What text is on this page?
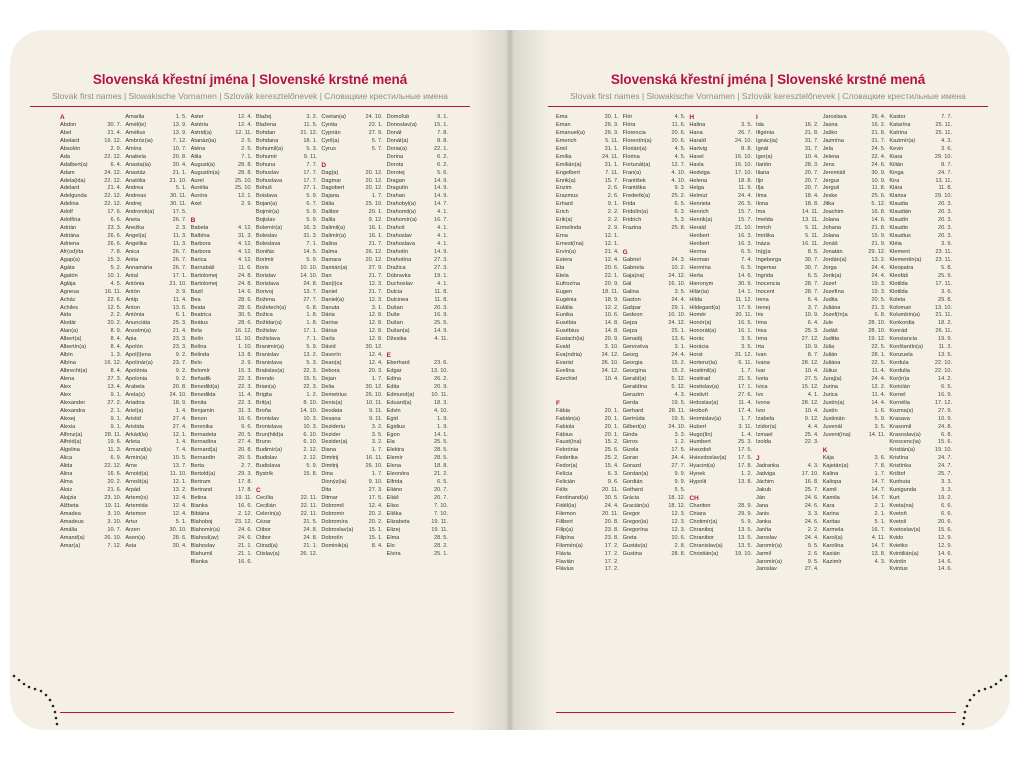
Slovenská křestní jména | Slovenské krstné mená
Slovak first names | Slowakische Vornamen | Szlovák keresztelőnevek | Словацкие крестильные имена
A
Abdon	30. 7.
Abel	21. 4.
Abelard	19. 12.
Absolón	2. 9.
Ada	22. 12.
Adalbert(a)	6. 4.
Adam	24. 12.
Adela(ida)	22. 12.
Adelard	21. 4.
Adelgunda	22. 12.
Adelina	22. 12.
Adolf	17. 6.
Adolfína	6. 6.
Adrián	23. 3.
Adriána	26. 6.
Adriena	26. 6.
Afr(od)íta	7. 8.
Agap(a)	15. 3.
Agáta	5. 2.
Agatón	10. 1.
Aglája	4. 5.
Agnesa	16. 11.
Achác	22. 6.
Achiles	12. 5.
Aida	2. 2.
Alodár	20. 2.
Alan(a)	8. 9.
Albert(a)	8. 4.
Albertín(a)	8. 4.
Albín	1. 3.
Albína	16. 12.
Albrecht(a)	8. 4.
Alena	27. 3.
Alex	13. 4.
Alex	9. 1.
Alexander	27. 2.
Alexandra	2. 1.
Alexej	9. 1.
Alexia	9. 1.
Alfonz(a)	28. 11.
Alfréd(a)	19. 6.
Algelina	11. 3.
Alica	6. 9.
Alida	22. 12.
Alina	16. 6.
Alma	20. 2.
Aloiz	21. 6.
Alojzia	23. 10.
Alžbeta	19. 11.
Amadea	3. 10.
Amadeus	3. 10.
Amália	10. 7.
Amand(a)	26. 10.
Amar(a)	7. 12.
Amarila	1. 5.
Amél(ie)	13. 9.
Amélius	13. 9.
Ambróz(ia)	7. 12.
Amína	10. 7.
Anabela	20. 8.
Anasta(ia)	30. 4.
Anastáz	21. 1.
Anatólia	21. 10.
Andrea	5. 1.
Andreas	30. 11.
Andrej	30. 11.
Andronik(a)	17. 5.
Aneta	26. 7.
Anežka	2. 3.
Angel(a)	11. 3.
Angelika	11. 3.
Anica	26. 7.
Anita	26. 7.
Annamária	26. 7.
Antal	17. 1.
Antónia	21. 10.
Antón	3. 9.
Antip	11. 4.
Anton	13. 6.
Antónia	6. 1.
Anunciáta	25. 3.
Anzelm(a)	21. 4.
Apia	23. 3.
Apolón	23. 3.
Apol(l)ena	9. 2.
Apolinár(a)	23. 7.
Apolónia	9. 2.
Apolonia	9. 2.
Arabela	20. 8.
Arela(s)	24. 10.
Ariadna	18. 9.
Ariel(a)	1. 4.
Aristid	27. 4.
Aristida	27. 4.
Arkád(ia)	12. 1.
Arleta	1. 4.
Armand(a)	7. 4.
Armín(a)	10. 5.
Arne	13. 7.
Arnold(a)	11. 10.
Arnošt(a)	12. 1.
Árpád	13. 2.
Artem(is)	12. 4.
Artemida	12. 4.
Artemon	12. 4.
Artur	5. 1.
Arzen	30. 10.
Asen(a)	28. 6.
Asia	30. 4.
Aster	12. 4.
Astéria	12. 4.
Astrid(a)	12. 11.
Atanáz(ia)	2. 5.
Aténa	2. 5.
Atila	7. 1.
August(a)	28. 8.
Augustín(a)	28. 8.
Aurel	25. 10.
Aurélia	25. 10.
Auróra	12. 1.
Axel	2. 9.
B
Babeta	4. 12.
Balbína	31. 3.
Barbora	4. 12.
Barbora	4. 12.
Barica	4. 12.
Barnabáš	11. 6.
Bartolomej	24. 8.
Bartolomej	24. 8.
Bazil	14. 6.
Bea	28. 6.
Beata	28. 6.
Beatrica	30. 5.
Beátus	28. 6.
Bela	16. 12.
Belín	11. 10.
Belína	1. 10.
Belinda	13. 8.
Belo	2. 9.
Belomír	15. 3.
Beňadik	22. 3.
Benedikt(a)	22. 3.
Benedikta	11. 4.
Benita	22. 3.
Benjamín	31. 3.
Benon	16. 6.
Berenika	9. 6.
Bernadeta	20. 5.
Bernadína	27. 4.
Bernard(a)	20. 8.
Bernardín	20. 5.
Berta	2. 7.
Bertold(a)	29. 3.
Bertram	17. 8.
Bertrand	17. 8.
Betina	19. 11.
Bianka	16. 6.
Bibiána	2. 12.
Blahoboj	23. 12.
Blahomír(a)	24. 6.
Blahosl(av)	24. 6.
Blahoslav	21. 1.
Blahumil	21. 1.
Blanka	16. 6.
Blažej	3. 2.
Blažena	11. 5.
Bohdan	21. 12.
Bohdana	18. 1.
Bohumil(a)	5. 3.
Bohumír	9. 11.
Bohuna	7. 7.
Bohuslav	17. 7.
Bohuslava	17. 7.
Bohuš	27. 1.
Boislava	5. 9.
Bojan(a)	6. 7.
Bojmír(a)	5. 9.
Bojislav	5. 9.
Bolemír(a)	16. 3.
Boleslav	31. 3.
Boleslava	7. 1.
Bonifác	14. 5.
Borimír	5. 9.
Boris	10. 10.
Borislav	14. 10.
Borislava	24. 8.
Borivoj	13. 7.
Božena	27. 7.
Božetech(a)	6. 8.
Božica	1. 8.
Božidar(a)	1. 8.
Božislav	17. 1.
Božislava	7. 1.
Branimír(a)	5. 9.
Branislav	13. 2.
Branislava	5. 3.
Bratislav(a)	22. 3.
Brendo	15. 5.
Brian(a)	22. 3.
Brigita	1. 2.
Brit(a)	8. 10.
Broňa	14. 10.
Bronislav	10. 3.
Bronislava	10. 3.
Brun(hild)a	6. 10.
Bruno	6. 10.
Budimír(a)	2. 12.
Budislav	2. 12.
Budislava	5. 9.
Bystrík	15. 8.
C
Cecília	22. 11.
Cecilián	22. 11.
Celerín(a)	22. 11.
Cézar	21. 5.
Ctibor	24. 8.
Ctibor	24. 8.
Ctirad(a)	21. 1.
Ctislav(a)	26. 12.
Cvetan(a)	24. 10.
Cyntia	22. 1.
Cyprián	27. 9.
Cyril(a)	5. 7.
Cyrus	5. 7.
D
Dag(a)	20. 12.
Dagmar	20. 12.
Dagobert	20. 12.
Dajana	1. 7.
Dália	25. 10.
Dalibor	20. 1.
Dalila	9. 12.
Dalimil(a)	16. 1.
Dalimír(a)	16. 1.
Dalina	21. 7.
Dalma	26. 12.
Damara	20. 12.
Damián(a)	27. 9.
Dan	21. 7.
Dan(i)ca	12. 3.
Daniel	21. 7.
Daniel(a)	12. 3.
Danuta	3. 1.
Dária	12. 8.
Darina	12. 8.
Dárius	12. 8.
Darla	12. 8.
Dávid	30. 12.
Davorín	12. 4.
Dean(a)	12. 4.
Debora	20. 3.
Dejan	1. 7.
Delia	30. 12.
Demetrius	26. 10.
Denis(a)	10. 11.
Deodata	9. 11.
Desana	9. 11.
Dezideriu	3. 2.
Dezider	3. 5.
Dezider(a)	3. 2.
Diana	1. 7.
Dimitrij	16. 11.
Dimitrij	26. 10.
Dina	1. 7.
Dionýz(ia)	9. 10.
Dita	27. 3.
Ditmar	17. 5.
Dobromil	12. 4.
Dobromir	20. 2.
Dobromíra	20. 2.
Dobroslav(a)	15. 1.
Dobrotín	15. 1.
Dominik(a)	8. 4.
Domoľub	9. 1.
Donoslav(a)	15. 1.
Donát	7. 8.
Donát(a)	8. 8.
Doria(a)	22. 1.
Dorina	6. 2.
Dorota	6. 2.
Dorotej	5. 6.
Dragan	14. 9.
Dragutín	14. 9.
Drahan	14. 9.
Drahobyl(a)	14. 7.
Drahomil(a)	4. 1.
Drahomír(a)	16. 7.
Drahoš	4. 1.
Drahoslav	4. 1.
Drahoslava	4. 1.
Drahotín	14. 9.
Drahotína	27. 3.
Dražica	27. 3.
Dúbravka	19. 1.
Duchoslav	4. 1.
Dulcia	11. 8.
Dulcinea	11. 8.
Dušan	20. 3.
Duše	16. 9.
Dušan	25. 5.
Dušan(a)	14. 9.
Džesika	4. 11.
E
Eberhard	23. 6.
Edgar	13. 10.
Edina	26. 2.
Edita	20. 9.
Edmund(a)	10. 11.
Eduard(a)	18. 3.
Edvin	4. 10.
Egid	1. 9.
Egidius	1. 9.
Egon	14. 1.
Ela	25. 5.
Elektra	28. 5.
Elemír	28. 5.
Elena	18. 8.
Eleonóra	21. 2.
Elfrida	6. 5.
Eliáno	20. 7.
Eliáš	20. 7.
Eliso	7. 10.
Eliška	7. 10.
Elizabeta	19. 11.
Elizej	19. 11.
Elma	28. 5.
Elo	28. 2.
Elvira	25. 1.
Slovenská křestní jména | Slovenské krstné mená
Slovak first names | Slowakische Vornamen | Szlovák keresztelőnevek | Словацкие крестильные имена
Ema	30. 1.
Eman	26. 3.
Emanuel(a)	26. 3.
Emerich	5. 11.
Emil	31. 1.
Emília	24. 11.
Emílián(a)	31. 1.
Engelbert	7. 11.
Enrik(a)	15. 7.
Enzim	2. 6.
Erazmus	2. 6.
Erhard	9. 1.
Erich	2. 2.
Erik(a)	2. 2.
Ermelinda	2. 9.
Erna	12. 1.
Ernest(ína)	12. 1.
Ervín(a)	21. 4.
Estera	12. 4.
Eta	20. 6.
Etela	22. 1.
Eufrozína	20. 9.
Eugen	18. 11.
Eugénia	18. 9.
Eulália	12. 2.
Eunika	10. 6.
Eusébia	14. 8.
Eusébius	14. 8.
Eustach(ia)	20. 9.
Evald	3. 10.
Eva(ndria)	24. 12.
Evarist	26. 10.
Evelína	24. 12.
Ezechiel	10. 4.
F
Fábia	20. 1.
Fabián(a)	20. 1.
Fabiola	20. 1.
Fábius	20. 1.
Faust(ína)	15. 2.
Febrónia	25. 6.
Federika	25. 2.
Fedor(a)	15. 4.
Felícia	6. 3.
Felicián	9. 6.
Félix	20. 11.
Ferdinand(a)	30. 5.
Fidél(ia)	24. 4.
Filemon	20. 11.
Filibert	20. 8.
Filip(a)	23. 8.
Filipína	23. 8.
Filomén(a)	17. 2.
Flávia	17. 2.
Flavián	17. 2.
Flávius	17. 2.
Flór	4. 5.
Flóra	11. 6.
Florencia	20. 6.
Florentín(a)	20. 6.
Florián(a)	4. 5.
Florina	4. 5.
Fortunát(a)	12. 7.
Fran(a)	4. 10.
František	4. 10.
Františka	9. 3.
Frederik(a)	25. 2.
Frida	6. 5.
Fridolín(a)	6. 3.
Fridrich	5. 3.
Frazina	25. 8.
G
Gabriel	24. 3.
Gabriela	10. 2.
Gaja(na)	24. 12.
Gál	16. 10.
Galina	3. 5.
Gaston	24. 4.
Gašpar	29. 1.
Gedeon	10. 10.
Gejza	24. 12.
Gejza	25. 1.
Genadij	13. 6.
Genovéva	3. 1.
Georg	24. 4.
Georgia	15. 2.
Georgína	15. 2.
Gerald(a)	5. 12.
Geraldína	5. 12.
Gerazim	4. 3.
Gerda	19. 5.
Gerhard	28. 11.
Gertrúda	19. 5.
Gilbert(a)	24. 10.
Ginda	3. 3.
Girros	1. 2.
Gizela	17. 5.
Goran	24. 4.
Gorazd	27. 7.
Gordan(a)	9. 9.
Gordián	9. 9.
Gothard	5. 5.
Grácia	18. 12.
Gracián(a)	18. 12.
Gregor	12. 3.
Gregor(ia)	12. 3.
Gregorína	12. 3.
Greta	10. 6.
Gustáv(a)	2. 8.
Gustina	28. 8.
H
Halina	3. 5.
Hana	26. 7.
Harald	24. 10.
Hartvig	8. 8.
Havel	16. 10.
Havla	16. 10.
Hedviga	17. 10.
Helena	18. 8.
Helga	11. 9.
Helmut	24. 4.
Henrieta	26. 5.
Henrich	15. 7.
Henrik(a)	15. 7.
Herald	21. 10.
Heribert	16. 3.
Heribert	16. 3.
Herma	6. 5.
Herman	7. 4.
Hermína	6. 5.
Herta	14. 6.
Hieronym	30. 9.
Hilár(ia)	14. 1.
Hilda	11. 12.
Hildegard(a)	17. 9.
Homér	20. 11.
Honór(a)	16. 5.
Honorát(a)	16. 1.
Horác	3. 5.
Horácia	3. 5.
Horst	31. 12.
Hortenz(ia)	6. 11.
Hostimil(a)	1. 7.
Hostirad	21. 5.
Hostislav(a)	17. 1.
Hostivít	27. 6.
Hrdoslav(a)	11. 4.
Hroboň	17. 4.
Hromislav(a)	1. 7.
Hubert	3. 11.
Hugo(lín)	1. 4.
Humbert	25. 3.
Hvezdoň	17. 5.
Hviezdoslav(a)	17. 5.
Hyacint(a)	17. 8.
Hynek	1. 2.
Hypolit	13. 8.
CH
Chariton	28. 9.
Chiara	29. 9.
Chotimír(a)	5. 9.
Chraniboj	13. 5.
Chranibor	13. 5.
Chranislav(a)	13. 5.
Christián(a)	19. 10.
I
Ida	16. 2.
Ifigénia	21. 8.
Ignác(ia)	31. 7.
Ignát	31. 7.
Igor(a)	10. 4.
Ilarión	28. 3.
Iliana	20. 7.
Iljo	20. 7.
Iľja	20. 7.
Ilma	18. 4.
Ilona	18. 8.
Ima	14. 11.
Imelda	13. 11.
Imrich	5. 11.
Imriška	5. 11.
Ináza	16. 11.
In(g)a	8. 5.
Ingeborga	30. 7.
Ingemar	30. 7.
Ingrida	6. 5.
Inocencia	28. 7.
Inocent	28. 7.
Irena	6. 4.
Irenej	3. 7.
Iris	10. 9.
Irina	6. 4.
Irisa	25. 3.
Irma	27. 12.
Irta	10. 9.
Ivan	8. 7.
Ivana	28. 12.
Ivar	10. 4.
Iveta	27. 5.
Ivica	15. 12.
Ivo	4. 1.
Ivona	28. 12.
Ivor	10. 4.
Izabela	9. 12.
Izidor(a)	4. 4.
Izmael	25. 4.
Izolda	22. 3.
J
Jadranka	4. 3.
Jadviga	17. 10.
Jáchim	16. 8.
Jakub	25. 7.
Ján	24. 6.
Jana	24. 6.
Janis	3. 3.
Janka	24. 6.
Janíta	2. 2.
Jaroslav	24. 4.
Jaromír(a)	9. 5.
Jarmil	2. 6.
Jaromír(a)	9. 5.
Jaroslav	27. 4.
Jaroslava	26. 4.
Jasna	16. 2.
Jaško	21. 8.
Jazmína	31. 7.
Jela	24. 5.
Jelena	22. 4.
Jens	24. 6.
Jeremiáš	30. 9.
Jergus	10. 9.
Jerguš	11. 8.
Jeske	25. 6.
Jitka	5. 12.
Joachim	16. 8.
Jolana	14. 6.
Johana	21. 8.
Jolana	15. 9.
Jonáš	21. 9.
Jonatán	29. 12.
Jordán(a)	13. 2.
Jorga	24. 4.
Jorik(a)	24. 4.
Jozef	19. 3.
Jozefína	19. 3.
Judita	20. 5.
Juliána	21. 3.
Jozef(ín)a	6. 8.
Jule	28. 10.
Judáš	28. 10.
Juditta	19. 12.
Júlia	22. 5.
Julián	28. 1.
Juliána	22. 5.
Július	11. 4.
Juraj(a)	24. 4.
Jurina	12. 2.
Jurica	11. 4.
Justín(a)	14. 4.
Justín	1. 6.
Justinián	5. 9.
Juvenál	3. 5.
Juvent(ína)	14. 11.
K
Kája	3. 6.
Kajetán(a)	7. 8.
Kalina	1. 7.
Kaliopa	14. 7.
Kamil	14. 7.
Kamila	14. 7.
Kara	2. 1.
Karina	2. 1.
Karitas	5. 1.
Karmela	16. 7.
Karol(a)	4. 11.
Karolína	14. 7.
Kasián	13. 8.
Kazimír	4. 3.
Kastor	7. 7.
Katarína	25. 11.
Katrína	25. 11.
Kazimír(a)	4. 3.
Kevin	3. 6.
Kiara	29. 10.
Kilián	8. 7.
Kinga	24. 7.
Kira	13. 11.
Klára	11. 8.
Klarisa	29. 10.
Klaudia	20. 3.
Klaudián	20. 3.
Klaudín	20. 3.
Klaudio	20. 3.
Klaudius	20. 3.
Kléia	3. 9.
Klement	23. 11.
Klementín(a)	23. 11.
Kleopatra	5. 8.
Kleofáš	25. 9.
Klotilda	17. 11.
Klotilda	3. 6.
Koleta	29. 8.
Koloman	13. 10.
Kolumbín(a)	21. 11.
Konkordia	18. 2.
Konrád	26. 11.
Konstancia	19. 9.
Konštantín(a)	11. 3.
Konzuela	13. 5.
Kordula	22. 10.
Kordulia	22. 10.
Kor(in)a	14. 2.
Koriolán	6. 5.
Kornel	16. 9.
Kornélia	17. 12.
Kozma(s)	27. 9.
Krasava	10. 9.
Krasomil	24. 8.
Krasoslav(a)	6. 8.
Krescenc(ia)	15. 6.
Kristián(a)	19. 10.
Kristína	24. 7.
Kristínka	24. 7.
Krištof	25. 7.
Kunhuta	3. 3.
Kunigunda	3. 3.
Kurt	19. 2.
Kveta(na)	6. 6.
Kvetoň	6. 6.
Kvetoš	20. 6.
Kvetoslav(a)	15. 6.
Kvido	12. 9.
Kvietko	12. 9.
Kvintilián(a)	14. 6.
Kvintín	14. 6.
Kvintus	14. 6.
